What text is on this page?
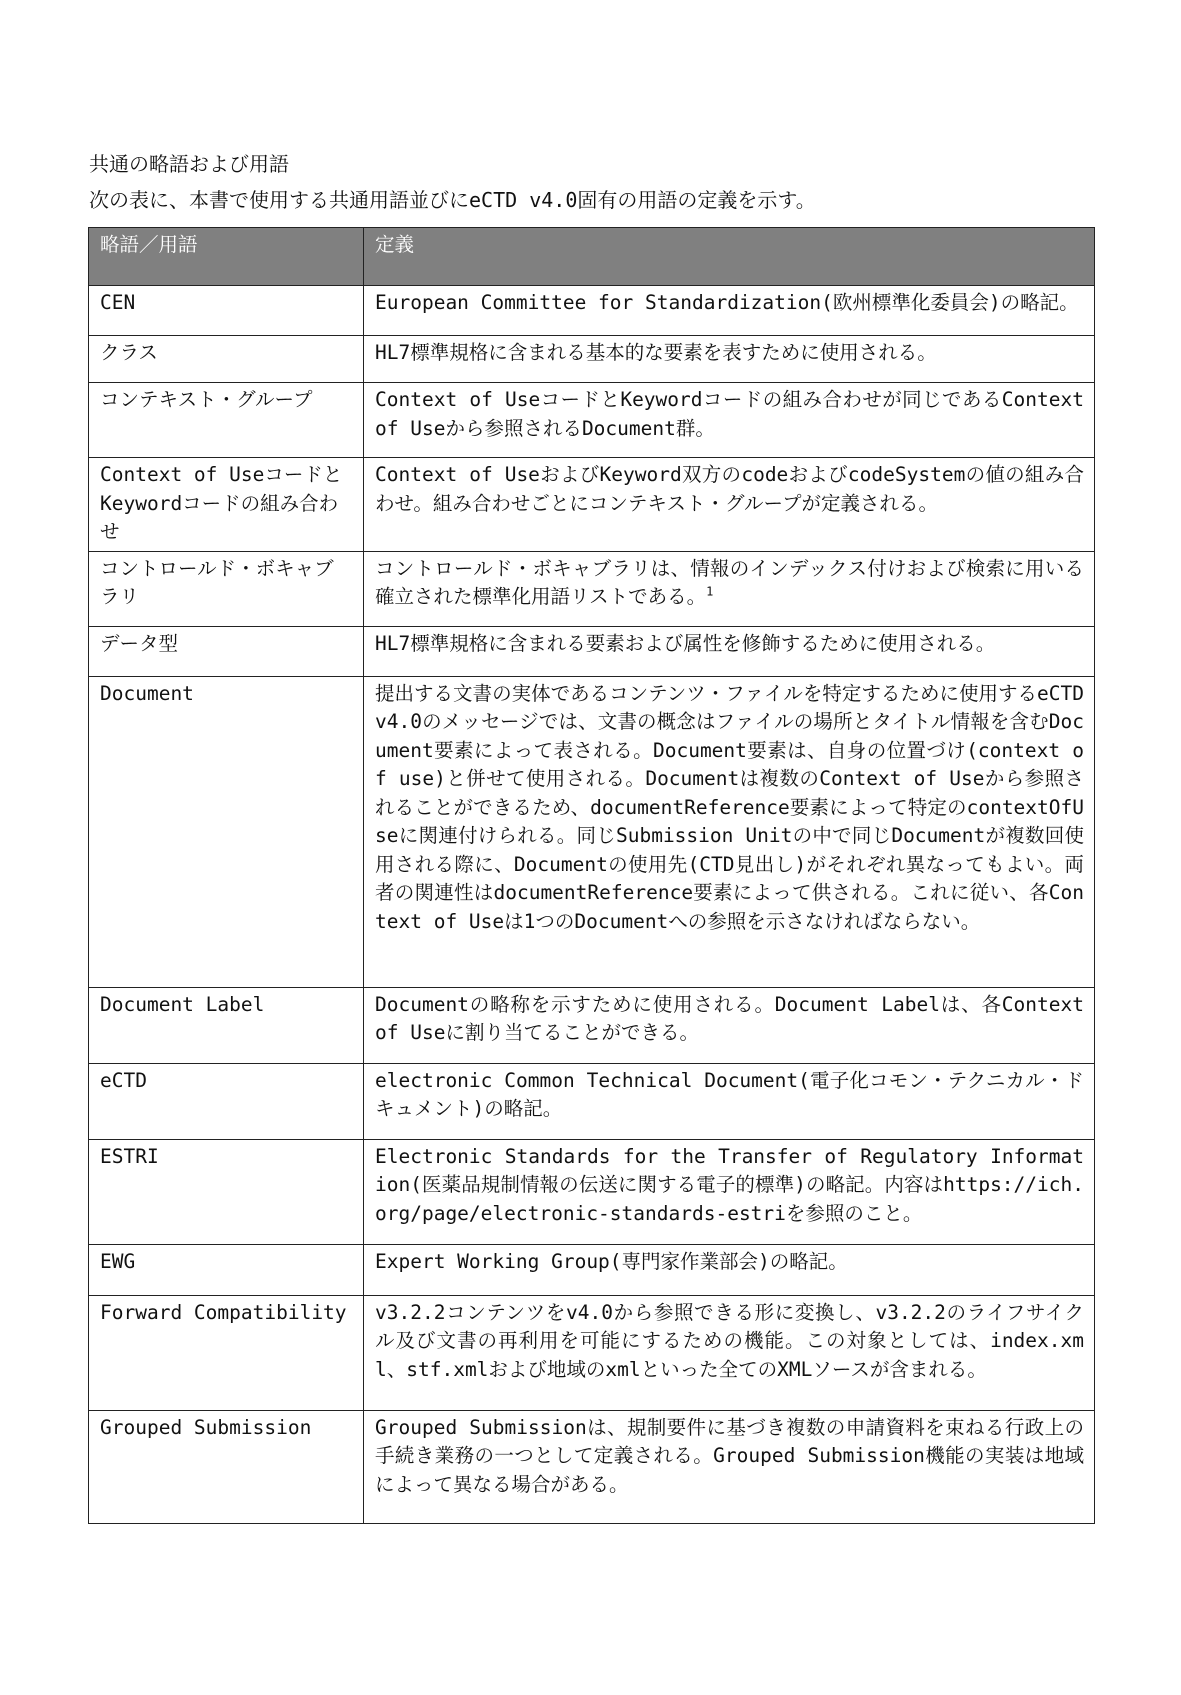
共通の略語および用語

次の表に、本書で使用する共通用語並びにeCTD v4.0固有の用語の定義を示す。

略語／用語	定義
CEN	European Committee for Standardization(欧州標準化委員会)の略記。
クラス	HL7標準規格に含まれる基本的な要素を表すために使用される。
コンテキスト・グループ	Context of UseコードとKeywordコードの組み合わせが同じであるContext of Useから参照されるDocument群。
Context of UseコードとKeywordコードの組み合わせ	Context of UseおよびKeyword双方のcodeおよびcodeSystemの値の組み合わせ。組み合わせごとにコンテキスト・グループが定義される。
コントロールド・ボキャブラリ	コントロールド・ボキャブラリは、情報のインデックス付けおよび検索に用いる確立された標準化用語リストである。$^1$
データ型	HL7標準規格に含まれる要素および属性を修飾するために使用される。
Document	提出する文書の実体であるコンテンツ・ファイルを特定するために使用するeCTD v4.0のメッセージでは、文書の概念はファイルの場所とタイトル情報を含むDocument要素によって表される。Document要素は、自身の位置づけ(context of use)と併せて使用される。Documentは複数のContext of Useから参照されることができるため、documentReference要素によって特定のcontextOfUseに関連付けられる。同じSubmission Unitの中で同じDocumentが複数回使用される際に、Documentの使用先(CTD見出し)がそれぞれ異なってもよい。両者の関連性はdocumentReference要素によって供される。これに従い、各Context of Useは1つのDocumentへの参照を示さなければならない。
Document Label	Documentの略称を示すために使用される。Document Labelは、各Context of Useに割り当てることができる。
eCTD	electronic Common Technical Document(電子化コモン・テクニカル・ドキュメント)の略記。
ESTRI	Electronic Standards for the Transfer of Regulatory Information(医薬品規制情報の伝送に関する電子的標準)の略記。内容はhttps://ich.org/page/electronic-standards-estriを参照のこと。
EWG	Expert Working Group(専門家作業部会)の略記。
Forward Compatibility	v3.2.2コンテンツをv4.0から参照できる形に変換し、v3.2.2のライフサイクル及び文書の再利用を可能にするための機能。この対象としては、index.xml、stf.xmlおよび地域のxmlといった全てのXMLソースが含まれる。
Grouped Submission	Grouped Submissionは、規制要件に基づき複数の申請資料を束ねる行政上の手続き業務の一つとして定義される。Grouped Submission機能の実装は地域によって異なる場合がある。
